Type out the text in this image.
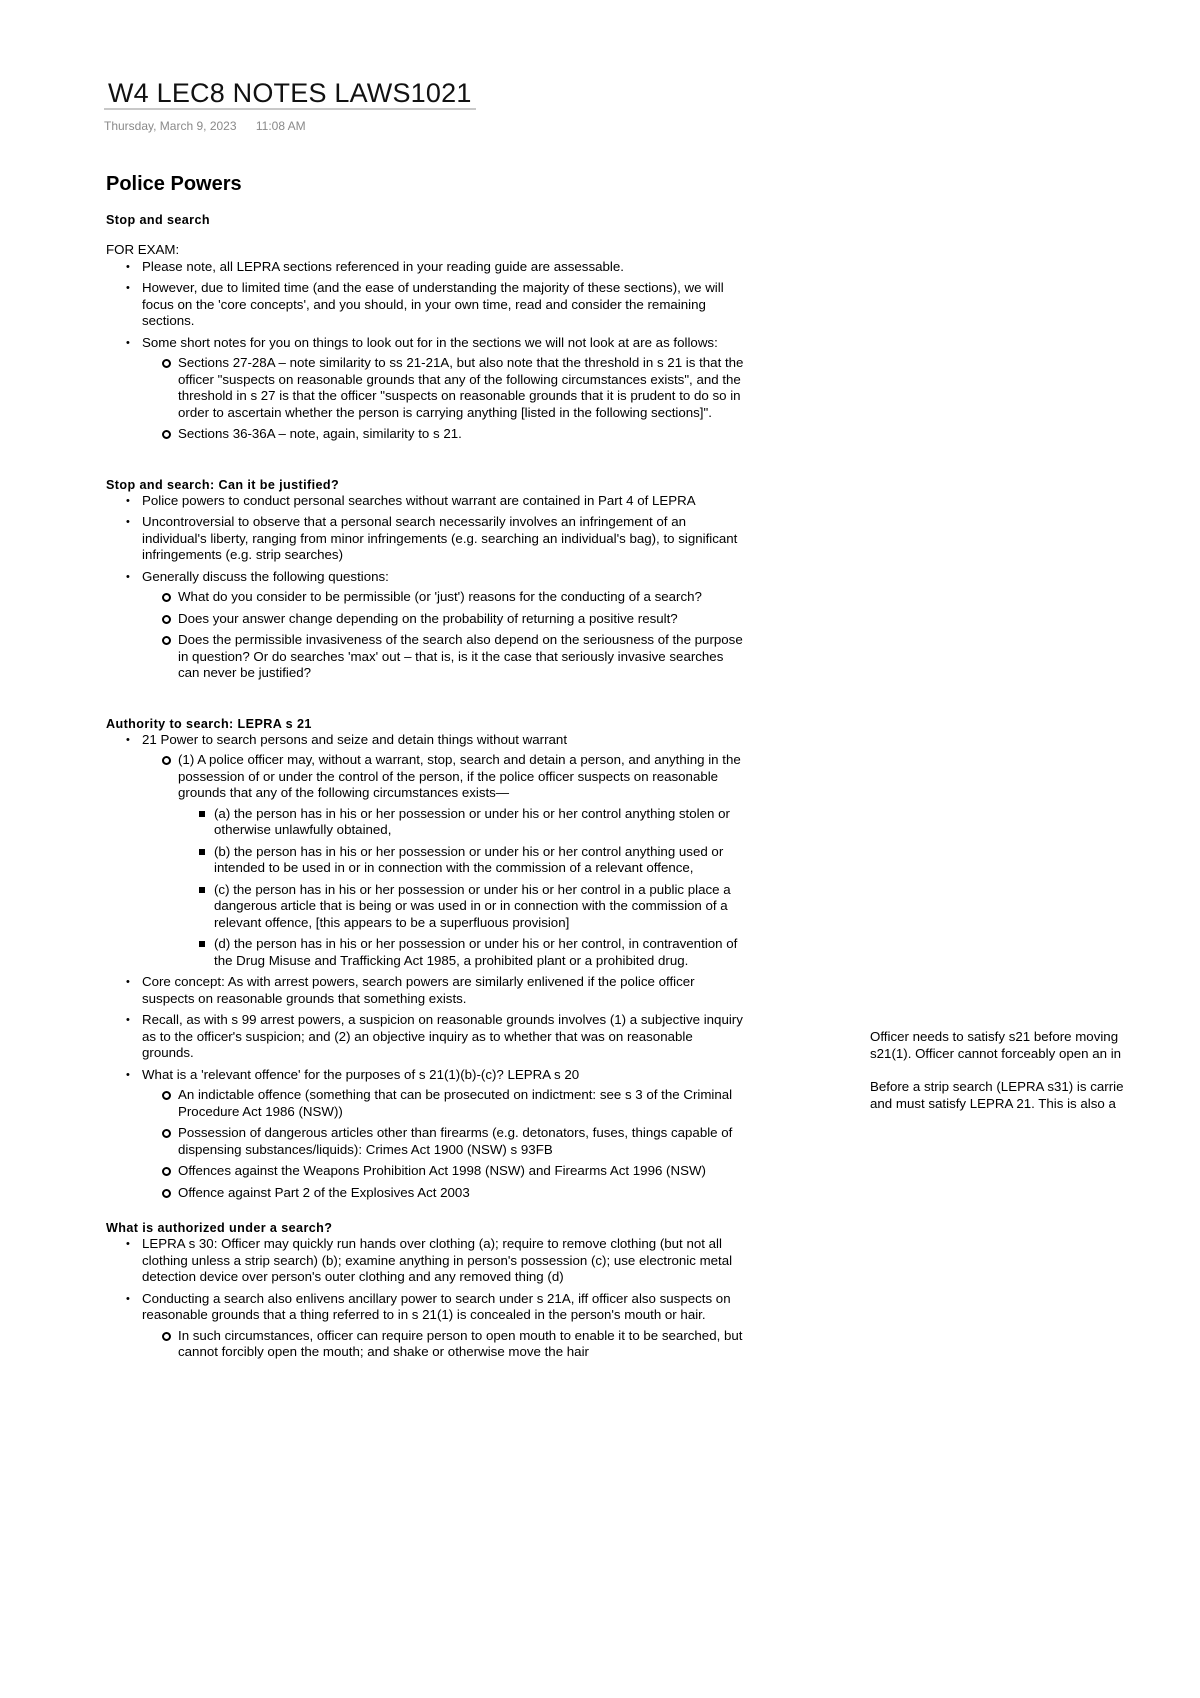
W4 LEC8 NOTES LAWS1021
Thursday, March 9, 2023 11:08 AM
Police Powers
Stop and search

FOR EXAM:

• Please note, all LEPRA sections referenced in your reading guide are assessable.
• However, due to limited time (and the ease of understanding the majority of these sections), we will focus on the 'core concepts', and you should, in your own time, read and consider the remaining sections.
• Some short notes for you on things to look out for in the sections we will not look at are as follows:
Sections 27-28A – note similarity to ss 21-21A, but also note that the threshold in s 21 is that the officer "suspects on reasonable grounds that any of the following circumstances exists", and the threshold in s 27 is that the officer "suspects on reasonable grounds that it is prudent to do so in order to ascertain whether the person is carrying anything [listed in the following sections]".
Sections 36-36A – note, again, similarity to s 21.
Stop and search: Can it be justified?
• Police powers to conduct personal searches without warrant are contained in Part 4 of LEPRA
• Uncontroversial to observe that a personal search necessarily involves an infringement of an individual's liberty, ranging from minor infringements (e.g. searching an individual's bag), to significant infringements (e.g. strip searches)
• Generally discuss the following questions:
What do you consider to be permissible (or 'just') reasons for the conducting of a search?
Does your answer change depending on the probability of returning a positive result?
Does the permissible invasiveness of the search also depend on the seriousness of the purpose in question? Or do searches 'max' out – that is, is it the case that seriously invasive searches can never be justified?
Authority to search: LEPRA s 21
• 21 Power to search persons and seize and detain things without warrant
(1) A police officer may, without a warrant, stop, search and detain a person, and anything in the possession of or under the control of the person, if the police officer suspects on reasonable grounds that any of the following circumstances exists—
(a) the person has in his or her possession or under his or her control anything stolen or otherwise unlawfully obtained,
(b) the person has in his or her possession or under his or her control anything used or intended to be used in or in connection with the commission of a relevant offence,
(c) the person has in his or her possession or under his or her control in a public place a dangerous article that is being or was used in or in connection with the commission of a relevant offence, [this appears to be a superfluous provision]
(d) the person has in his or her possession or under his or her control, in contravention of the Drug Misuse and Trafficking Act 1985, a prohibited plant or a prohibited drug.
• Core concept: As with arrest powers, search powers are similarly enlivened if the police officer suspects on reasonable grounds that something exists.
• Recall, as with s 99 arrest powers, a suspicion on reasonable grounds involves (1) a subjective inquiry as to the officer's suspicion; and (2) an objective inquiry as to whether that was on reasonable grounds.
• What is a 'relevant offence' for the purposes of s 21(1)(b)-(c)? LEPRA s 20
An indictable offence (something that can be prosecuted on indictment: see s 3 of the Criminal Procedure Act 1986 (NSW))
Possession of dangerous articles other than firearms (e.g. detonators, fuses, things capable of dispensing substances/liquids): Crimes Act 1900 (NSW) s 93FB
Offences against the Weapons Prohibition Act 1998 (NSW) and Firearms Act 1996 (NSW)
Offence against Part 2 of the Explosives Act 2003
What is authorized under a search?
• LEPRA s 30: Officer may quickly run hands over clothing (a); require to remove clothing (but not all clothing unless a strip search) (b); examine anything in person's possession (c); use electronic metal detection device over person's outer clothing and any removed thing (d)
• Conducting a search also enlivens ancillary power to search under s 21A, iff officer also suspects on reasonable grounds that a thing referred to in s 21(1) is concealed in the person's mouth or hair.
In such circumstances, officer can require person to open mouth to enable it to be searched, but cannot forcibly open the mouth; and shake or otherwise move the hair

Officer needs to satisfy s21 before moving
s21(1). Officer cannot forceably open an in

Before a strip search (LEPRA s31) is carrie
and must satisfy LEPRA 21. This is also a
